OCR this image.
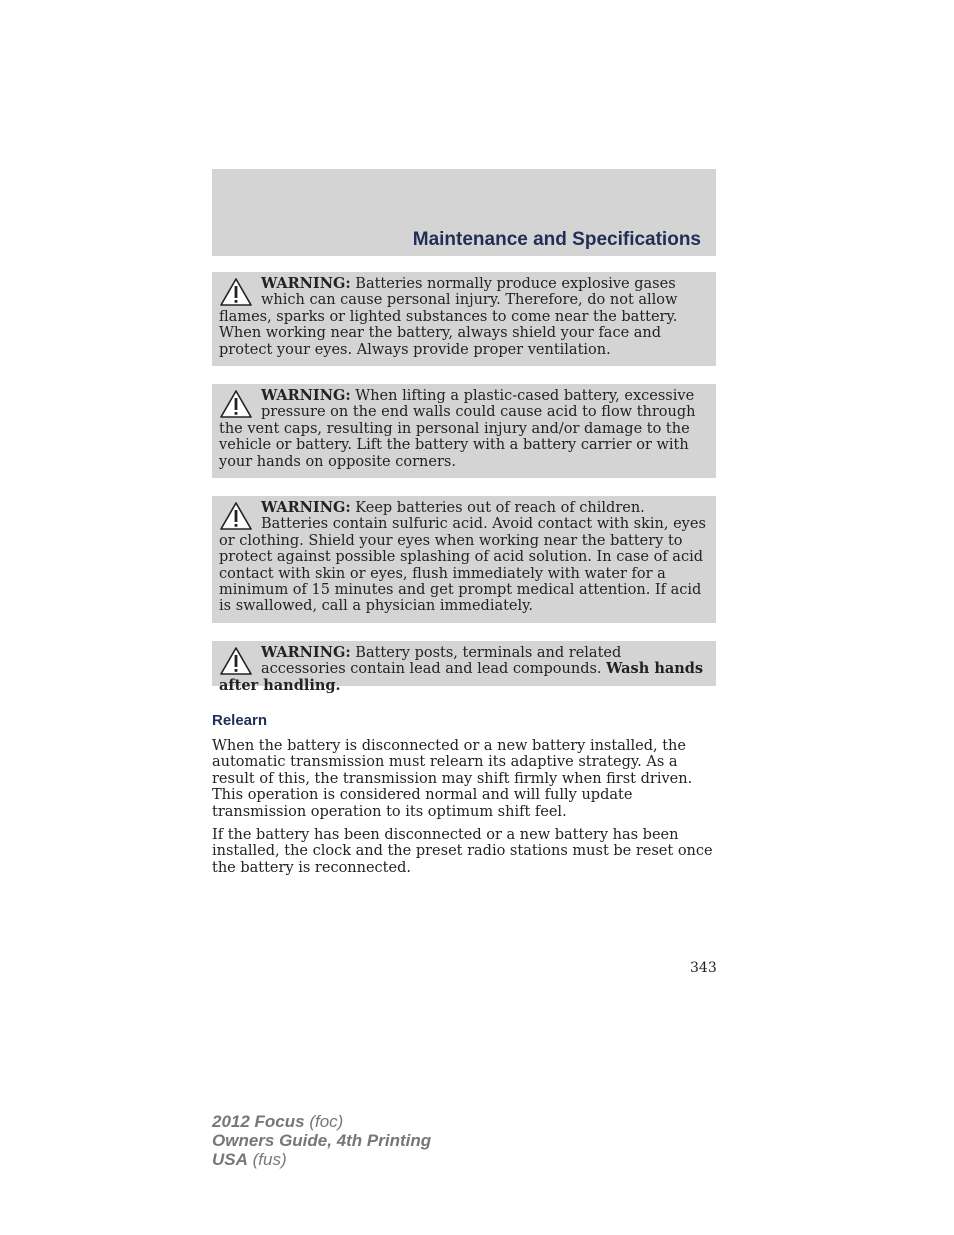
Maintenance and Specifications
WARNING: Batteries normally produce explosive gases which can cause personal injury. Therefore, do not allow flames, sparks or lighted substances to come near the battery. When working near the battery, always shield your face and protect your eyes. Always provide proper ventilation.
WARNING: When lifting a plastic-cased battery, excessive pressure on the end walls could cause acid to flow through the vent caps, resulting in personal injury and/or damage to the vehicle or battery. Lift the battery with a battery carrier or with your hands on opposite corners.
WARNING: Keep batteries out of reach of children. Batteries contain sulfuric acid. Avoid contact with skin, eyes or clothing. Shield your eyes when working near the battery to protect against possible splashing of acid solution. In case of acid contact with skin or eyes, flush immediately with water for a minimum of 15 minutes and get prompt medical attention. If acid is swallowed, call a physician immediately.
WARNING: Battery posts, terminals and related accessories contain lead and lead compounds. Wash hands after handling.
Relearn

When the battery is disconnected or a new battery installed, the automatic transmission must relearn its adaptive strategy. As a result of this, the transmission may shift firmly when first driven. This operation is considered normal and will fully update transmission operation to its optimum shift feel.

If the battery has been disconnected or a new battery has been installed, the clock and the preset radio stations must be reset once the battery is reconnected.

343
2012 Focus (foc)
Owners Guide, 4th Printing
USA (fus)
